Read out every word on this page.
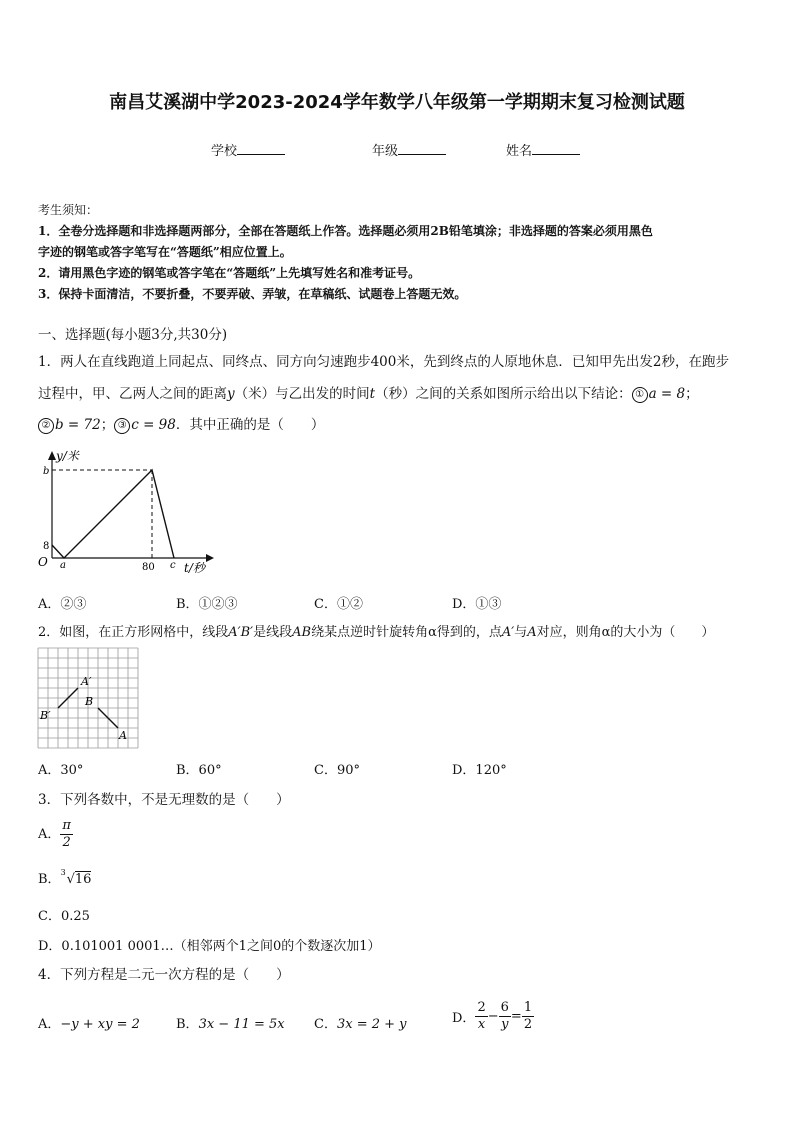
南昌艾溪湖中学2023-2024学年数学八年级第一学期期末复习检测试题
学校	年级	姓名
考生须知：
1．全卷分选择题和非选择题两部分，全部在答题纸上作答。选择题必须用2B铅笔填涂；非选择题的答案必须用黑色
字迹的钢笔或答字笔写在“答题纸”相应位置上。
2．请用黑色字迹的钢笔或答字笔在“答题纸”上先填写姓名和准考证号。
3．保持卡面清洁，不要折叠，不要弄破、弄皱，在草稿纸、试题卷上答题无效。
一、选择题(每小题3分,共30分)
1．两人在直线跑道上同起点、同终点、同方向匀速跑步400米，先到终点的人原地休息．已知甲先出发2秒，在跑步
过程中，甲、乙两人之间的距离y（米）与乙出发的时间t（秒）之间的关系如图所示给出以下结论： ① a = 8；
② b = 72； ③ c = 98．其中正确的是（　　）
y/米
t/秒
O
b
8
a	80 c
A．②③	B．①②③	C．①②	D．①③
2．如图，在正方形网格中，线段A′B′是线段AB绕某点逆时针旋转角α得到的，点A′与A对应，则角α的大小为（　　）
A′
B′
B
A
A．30°	B．60°	C．90°	D．120°
3．下列各数中，不是无理数的是（　　）
A． $\frac{\pi}{2}$
B． 3 √16
C．0.25
D．0.101001 0001…（相邻两个1之间0的个数逐次加1）
4．下列方程是二元一次方程的是（　　）
A．−y + xy = 2	B．3x − 11 = 5x C．3x = 2 + y	D． $\frac{2}{x} - \frac{6}{y} = \frac{1}{2}$
